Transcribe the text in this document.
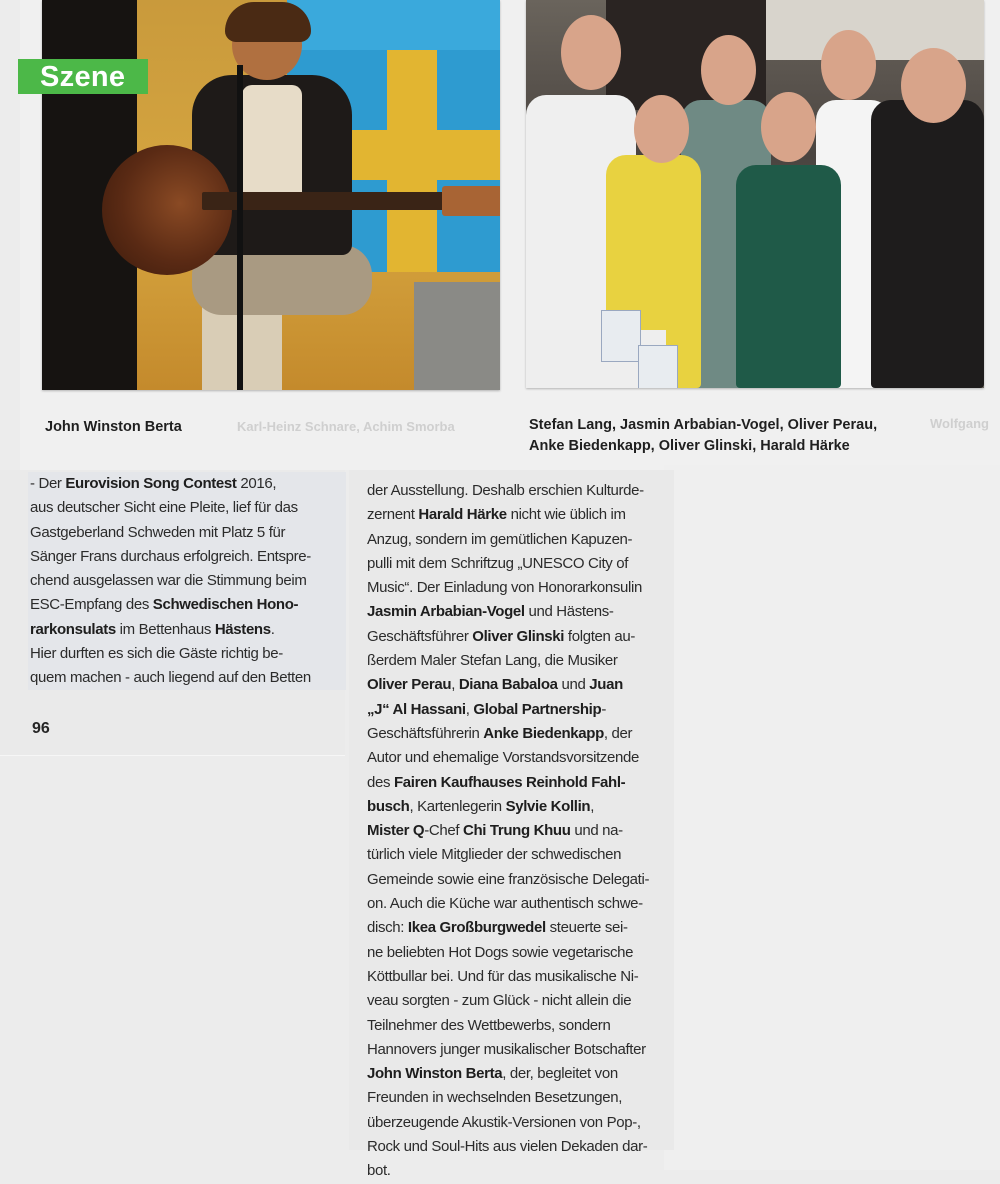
Szene
John Winston Berta	Karl-Heinz Schnare, Achim Smorba	Wolfgang
Stefan Lang, Jasmin Arbabian-Vogel, Oliver Perau,
Anke Biedenkapp, Oliver Glinski, Harald Härke
- Der Eurovision Song Contest 2016,
aus deutscher Sicht eine Pleite, lief für das
Gastgeberland Schweden mit Platz 5 für
Sänger Frans durchaus erfolgreich. Entspre-
chend ausgelassen war die Stimmung beim
ESC-Empfang des Schwedischen Hono-
rarkonsulats im Bettenhaus Hästens.
Hier durften es sich die Gäste richtig be-
quem machen - auch liegend auf den Betten
96
der Ausstellung. Deshalb erschien Kulturde-
zernent Harald Härke nicht wie üblich im
Anzug, sondern im gemütlichen Kapuzen-
pulli mit dem Schriftzug „UNESCO City of
Music“. Der Einladung von Honorarkonsulin
Jasmin Arbabian-Vogel und Hästens-
Geschäftsführer Oliver Glinski folgten au-
ßerdem Maler Stefan Lang, die Musiker
Oliver Perau, Diana Babaloa und Juan
„J“ Al Hassani, Global Partnership-
Geschäftsführerin Anke Biedenkapp, der
Autor und ehemalige Vorstandsvorsitzende
des Fairen Kaufhauses Reinhold Fahl-
busch, Kartenlegerin Sylvie Kollin,
Mister Q-Chef Chi Trung Khuu und na-
türlich viele Mitglieder der schwedischen
Gemeinde sowie eine französische Delegati-
on. Auch die Küche war authentisch schwe-
disch: Ikea Großburgwedel steuerte sei-
ne beliebten Hot Dogs sowie vegetarische
Köttbullar bei. Und für das musikalische Ni-
veau sorgten - zum Glück - nicht allein die
Teilnehmer des Wettbewerbs, sondern
Hannovers junger musikalischer Botschafter
John Winston Berta, der, begleitet von
Freunden in wechselnden Besetzungen,
überzeugende Akustik-Versionen von Pop-,
Rock und Soul-Hits aus vielen Dekaden dar-
bot.
